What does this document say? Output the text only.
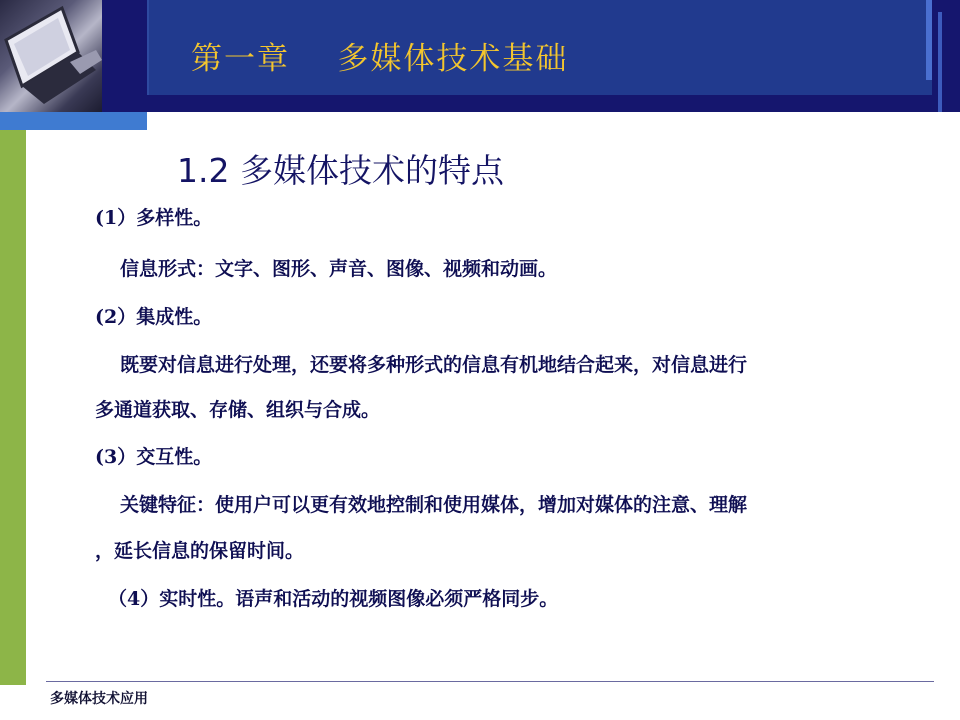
第一章    多媒体技术基础
1.2 多媒体技术的特点
(1）多样性。
信息形式：文字、图形、声音、图像、视频和动画。
(2）集成性。
既要对信息进行处理，还要将多种形式的信息有机地结合起来，对信息进行
多通道获取、存储、组织与合成。
(3）交互性。
关键特征：使用户可以更有效地控制和使用媒体，增加对媒体的注意、理解
，延长信息的保留时间。
（4）实时性。语声和活动的视频图像必须严格同步。
多媒体技术应用
